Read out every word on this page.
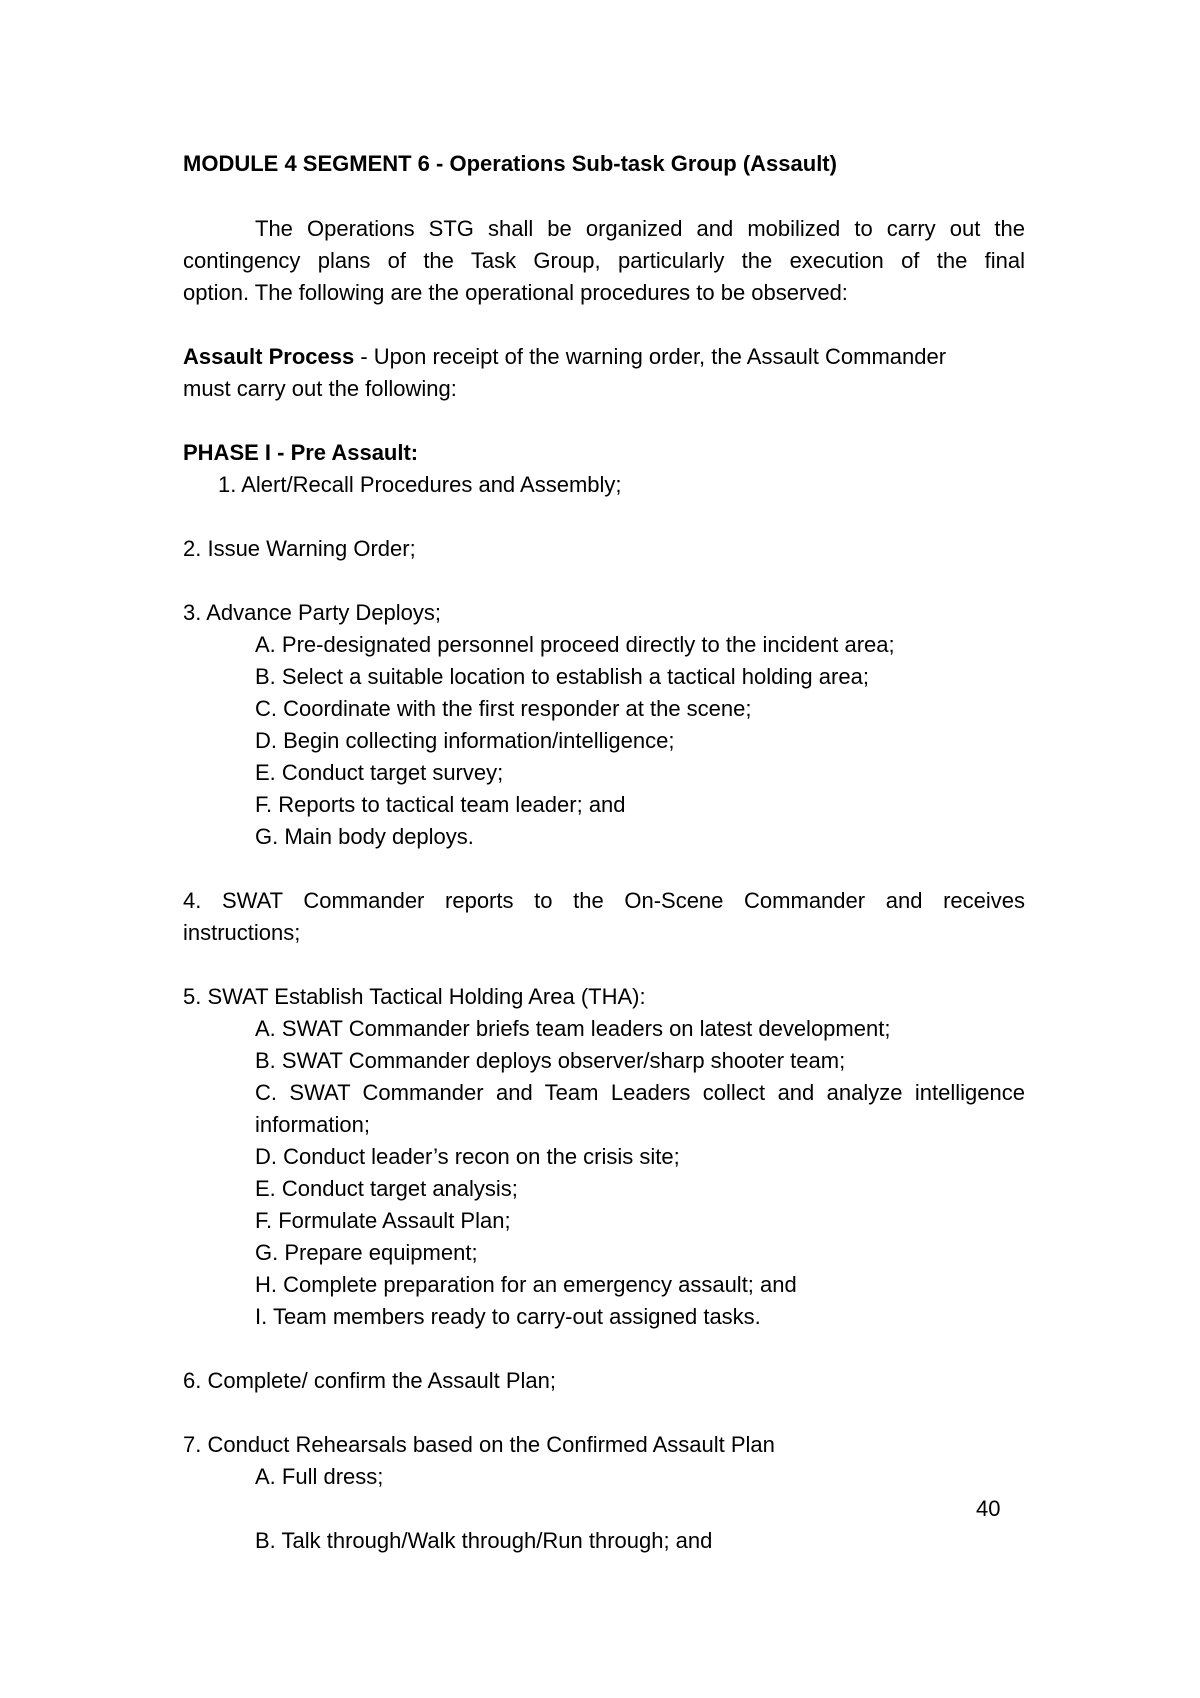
MODULE 4 SEGMENT 6 - Operations Sub-task Group (Assault)
The Operations STG shall be organized and mobilized to carry out the
contingency plans of the Task Group, particularly the execution of the final
option. The following are the operational procedures to be observed:
Assault Process - Upon receipt of the warning order, the Assault Commander
must carry out the following:
PHASE I - Pre Assault:
1. Alert/Recall Procedures and Assembly;
2. Issue Warning Order;
3. Advance Party Deploys;
A. Pre-designated personnel proceed directly to the incident area;
B. Select a suitable location to establish a tactical holding area;
C. Coordinate with the first responder at the scene;
D. Begin collecting information/intelligence;
E. Conduct target survey;
F. Reports to tactical team leader; and
G. Main body deploys.
4. SWAT Commander reports to the On-Scene Commander and receives
instructions;
5. SWAT Establish Tactical Holding Area (THA):
A. SWAT Commander briefs team leaders on latest development;
B. SWAT Commander deploys observer/sharp shooter team;
C. SWAT Commander and Team Leaders collect and analyze intelligence
information;
D. Conduct leader’s recon on the crisis site;
E. Conduct target analysis;
F. Formulate Assault Plan;
G. Prepare equipment;
H. Complete preparation for an emergency assault; and
I. Team members ready to carry-out assigned tasks.
6. Complete/ confirm the Assault Plan;
7. Conduct Rehearsals based on the Confirmed Assault Plan
A. Full dress;
40
B. Talk through/Walk through/Run through; and
